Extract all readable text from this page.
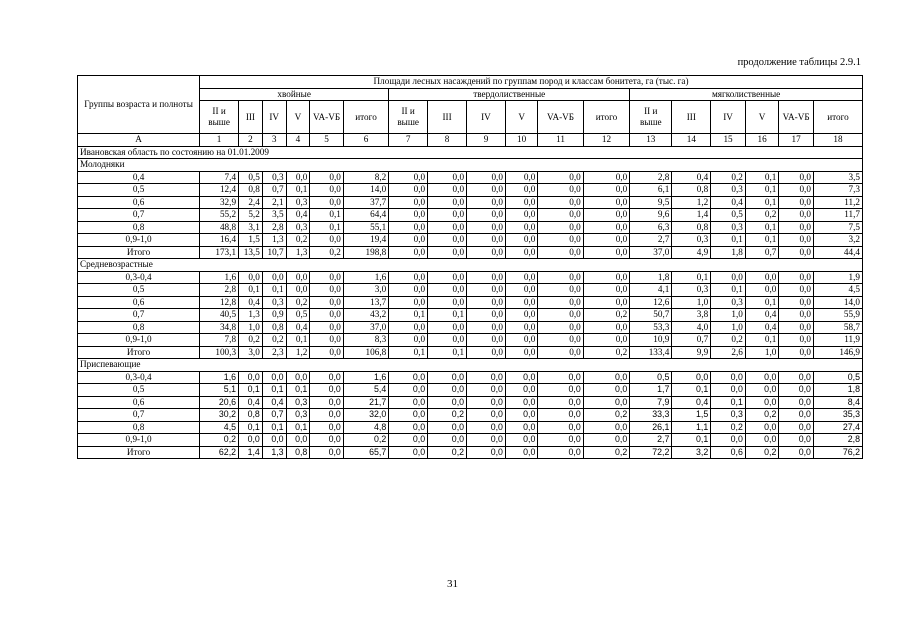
продолжение таблицы 2.9.1
Группы возраста и полноты	Площади лесных насаждений по группам пород и классам бонитета, га (тыс. га)																	
	хвойные						твердолиственные						мягколиственные					
	II и выше	III	IV	V	VA-VБ	итого	II и выше	III	IV	V	VA-VБ	итого	II и выше	III	IV	V	VA-VБ	итого
А	1	2	3	4	5	6	7	8	9	10	11	12	13	14	15	16	17	18
Ивановская область по состоянию на 01.01.2009																		
Молодняки																		
0,4	7,4	0,5	0,3	0,0	0,0	8,2	0,0	0,0	0,0	0,0	0,0	0,0	2,8	0,4	0,2	0,1	0,0	3,5
0,5	12,4	0,8	0,7	0,1	0,0	14,0	0,0	0,0	0,0	0,0	0,0	0,0	6,1	0,8	0,3	0,1	0,0	7,3
0,6	32,9	2,4	2,1	0,3	0,0	37,7	0,0	0,0	0,0	0,0	0,0	0,0	9,5	1,2	0,4	0,1	0,0	11,2
0,7	55,2	5,2	3,5	0,4	0,1	64,4	0,0	0,0	0,0	0,0	0,0	0,0	9,6	1,4	0,5	0,2	0,0	11,7
0,8	48,8	3,1	2,8	0,3	0,1	55,1	0,0	0,0	0,0	0,0	0,0	0,0	6,3	0,8	0,3	0,1	0,0	7,5
0,9-1,0	16,4	1,5	1,3	0,2	0,0	19,4	0,0	0,0	0,0	0,0	0,0	0,0	2,7	0,3	0,1	0,1	0,0	3,2
Итого	173,1	13,5	10,7	1,3	0,2	198,8	0,0	0,0	0,0	0,0	0,0	0,0	37,0	4,9	1,8	0,7	0,0	44,4
Средневозрастные																		
0,3-0,4	1,6	0,0	0,0	0,0	0,0	1,6	0,0	0,0	0,0	0,0	0,0	0,0	1,8	0,1	0,0	0,0	0,0	1,9
0,5	2,8	0,1	0,1	0,0	0,0	3,0	0,0	0,0	0,0	0,0	0,0	0,0	4,1	0,3	0,1	0,0	0,0	4,5
0,6	12,8	0,4	0,3	0,2	0,0	13,7	0,0	0,0	0,0	0,0	0,0	0,0	12,6	1,0	0,3	0,1	0,0	14,0
0,7	40,5	1,3	0,9	0,5	0,0	43,2	0,1	0,1	0,0	0,0	0,0	0,2	50,7	3,8	1,0	0,4	0,0	55,9
0,8	34,8	1,0	0,8	0,4	0,0	37,0	0,0	0,0	0,0	0,0	0,0	0,0	53,3	4,0	1,0	0,4	0,0	58,7
0,9-1,0	7,8	0,2	0,2	0,1	0,0	8,3	0,0	0,0	0,0	0,0	0,0	0,0	10,9	0,7	0,2	0,1	0,0	11,9
Итого	100,3	3,0	2,3	1,2	0,0	106,8	0,1	0,1	0,0	0,0	0,0	0,2	133,4	9,9	2,6	1,0	0,0	146,9
Приспевающие																		
0,3-0,4	1,6	0,0	0,0	0,0	0,0	1,6	0,0	0,0	0,0	0,0	0,0	0,0	0,5	0,0	0,0	0,0	0,0	0,5
0,5	5,1	0,1	0,1	0,1	0,0	5,4	0,0	0,0	0,0	0,0	0,0	0,0	1,7	0,1	0,0	0,0	0,0	1,8
0,6	20,6	0,4	0,4	0,3	0,0	21,7	0,0	0,0	0,0	0,0	0,0	0,0	7,9	0,4	0,1	0,0	0,0	8,4
0,7	30,2	0,8	0,7	0,3	0,0	32,0	0,0	0,2	0,0	0,0	0,0	0,2	33,3	1,5	0,3	0,2	0,0	35,3
0,8	4,5	0,1	0,1	0,1	0,0	4,8	0,0	0,0	0,0	0,0	0,0	0,0	26,1	1,1	0,2	0,0	0,0	27,4
0,9-1,0	0,2	0,0	0,0	0,0	0,0	0,2	0,0	0,0	0,0	0,0	0,0	0,0	2,7	0,1	0,0	0,0	0,0	2,8
Итого	62,2	1,4	1,3	0,8	0,0	65,7	0,0	0,2	0,0	0,0	0,0	0,2	72,2	3,2	0,6	0,2	0,0	76,2
31
